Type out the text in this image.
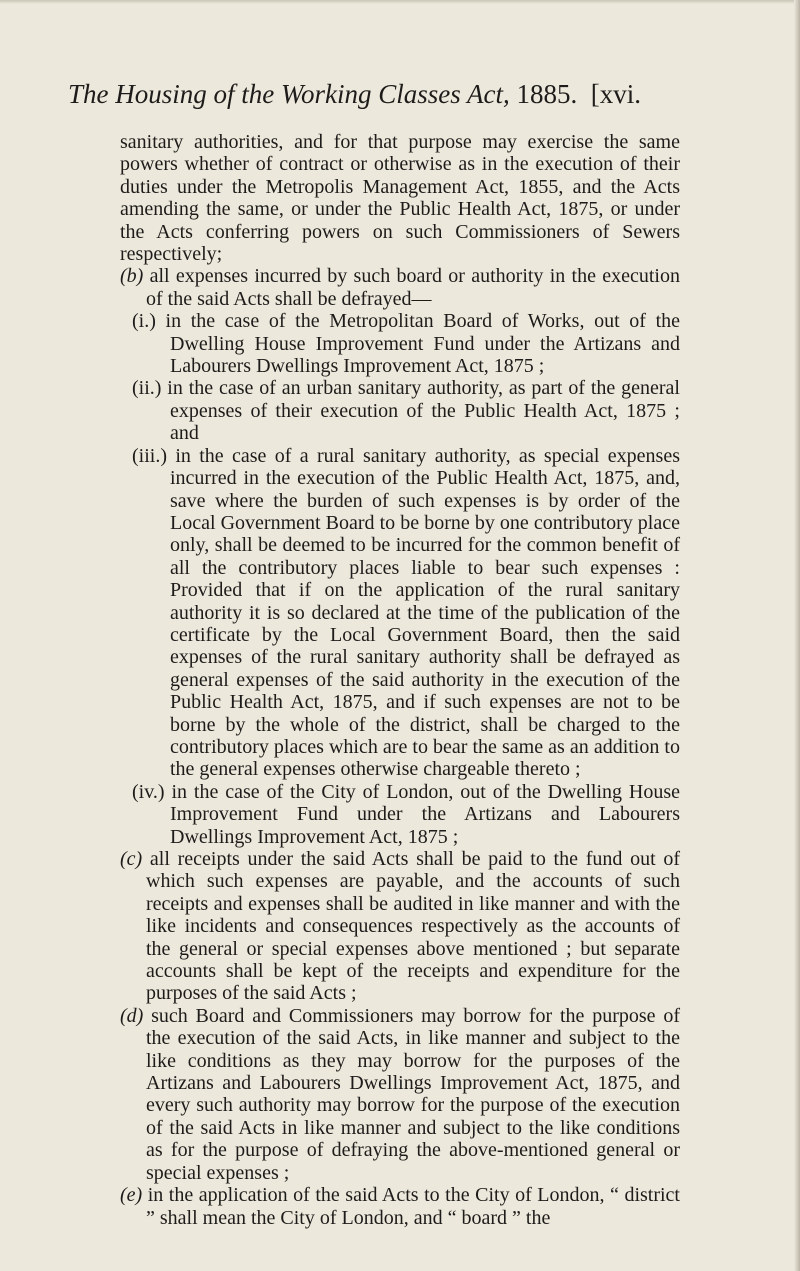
The Housing of the Working Classes Act, 1885. [xvi.

sanitary authorities, and for that purpose may exercise the same powers whether of contract or otherwise as in the execution of their duties under the Metropolis Management Act, 1855, and the Acts amending the same, or under the Public Health Act, 1875, or under the Acts conferring powers on such Commissioners of Sewers respectively;

(b) all expenses incurred by such board or authority in the execution of the said Acts shall be defrayed—

(i.) in the case of the Metropolitan Board of Works, out of the Dwelling House Improvement Fund under the Artizans and Labourers Dwellings Improvement Act, 1875 ;

(ii.) in the case of an urban sanitary authority, as part of the general expenses of their execution of the Public Health Act, 1875 ; and

(iii.) in the case of a rural sanitary authority, as special expenses incurred in the execution of the Public Health Act, 1875, and, save where the burden of such expenses is by order of the Local Government Board to be borne by one contributory place only, shall be deemed to be incurred for the common benefit of all the contributory places liable to bear such expenses : Provided that if on the application of the rural sanitary authority it is so declared at the time of the publication of the certificate by the Local Government Board, then the said expenses of the rural sanitary authority shall be defrayed as general expenses of the said authority in the execution of the Public Health Act, 1875, and if such expenses are not to be borne by the whole of the district, shall be charged to the contributory places which are to bear the same as an addition to the general expenses otherwise chargeable thereto ;

(iv.) in the case of the City of London, out of the Dwelling House Improvement Fund under the Artizans and Labourers Dwellings Improvement Act, 1875 ;

(c) all receipts under the said Acts shall be paid to the fund out of which such expenses are payable, and the accounts of such receipts and expenses shall be audited in like manner and with the like incidents and consequences respectively as the accounts of the general or special expenses above mentioned ; but separate accounts shall be kept of the receipts and expenditure for the purposes of the said Acts ;

(d) such Board and Commissioners may borrow for the purpose of the execution of the said Acts, in like manner and subject to the like conditions as they may borrow for the purposes of the Artizans and Labourers Dwellings Improvement Act, 1875, and every such authority may borrow for the purpose of the execution of the said Acts in like manner and subject to the like conditions as for the purpose of defraying the above-mentioned general or special expenses ;

(e) in the application of the said Acts to the City of London, “ district ” shall mean the City of London, and “ board ” the
